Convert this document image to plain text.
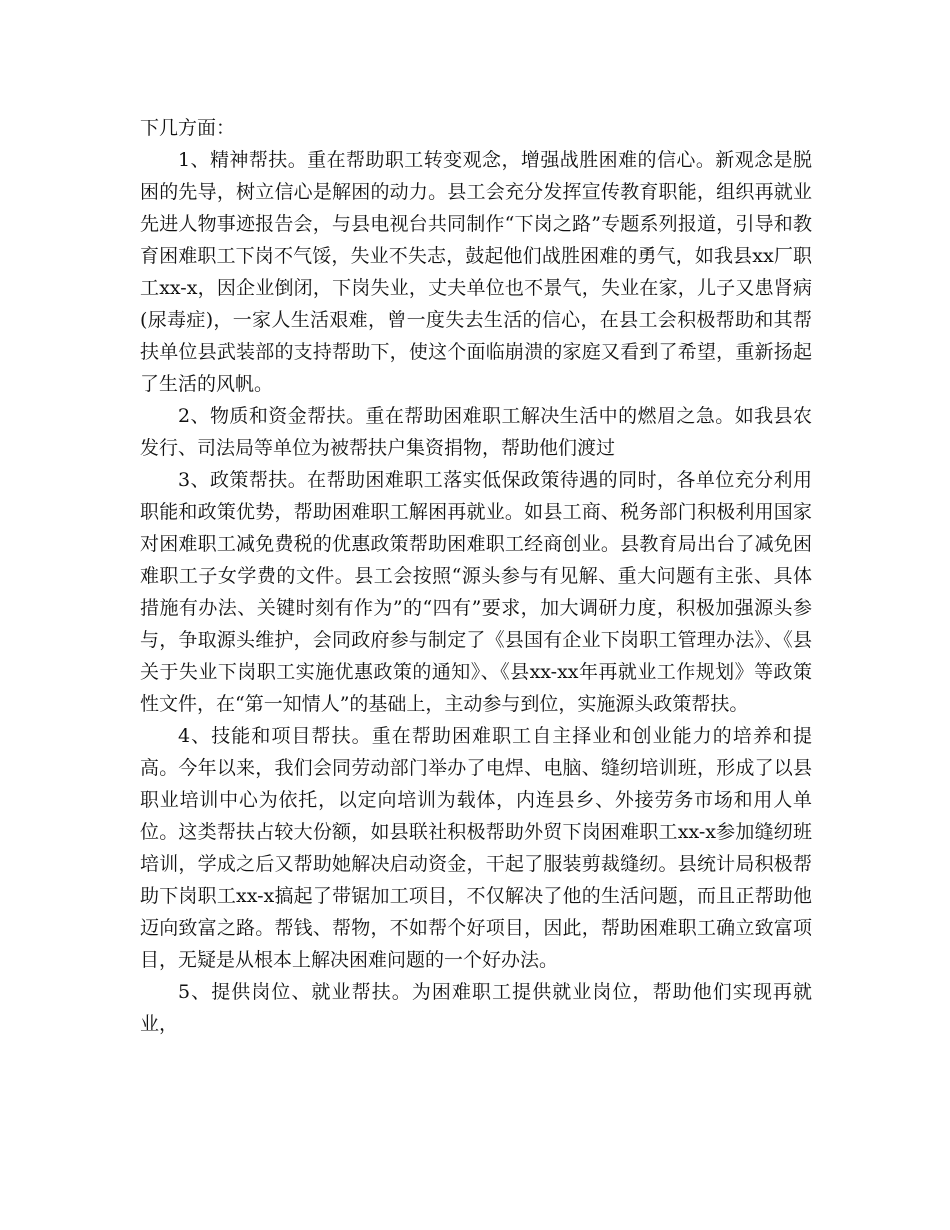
下几方面：

1、精神帮扶。重在帮助职工转变观念，增强战胜困难的信心。新观念是脱困的先导，树立信心是解困的动力。县工会充分发挥宣传教育职能，组织再就业先进人物事迹报告会，与县电视台共同制作“下岗之路”专题系列报道，引导和教育困难职工下岗不气馁，失业不失志，鼓起他们战胜困难的勇气，如我县xx厂职工xx-x，因企业倒闭，下岗失业，丈夫单位也不景气，失业在家，儿子又患肾病(尿毒症)，一家人生活艰难，曾一度失去生活的信心，在县工会积极帮助和其帮扶单位县武装部的支持帮助下，使这个面临崩溃的家庭又看到了希望，重新扬起了生活的风帆。

2、物质和资金帮扶。重在帮助困难职工解决生活中的燃眉之急。如我县农发行、司法局等单位为被帮扶户集资捐物，帮助他们渡过

3、政策帮扶。在帮助困难职工落实低保政策待遇的同时，各单位充分利用职能和政策优势，帮助困难职工解困再就业。如县工商、税务部门积极利用国家对困难职工减免费税的优惠政策帮助困难职工经商创业。县教育局出台了减免困难职工子女学费的文件。县工会按照“源头参与有见解、重大问题有主张、具体措施有办法、关键时刻有作为”的“四有”要求，加大调研力度，积极加强源头参与，争取源头维护，会同政府参与制定了《县国有企业下岗职工管理办法》、《县关于失业下岗职工实施优惠政策的通知》、《县xx-xx年再就业工作规划》等政策性文件，在“第一知情人”的基础上，主动参与到位，实施源头政策帮扶。

4、技能和项目帮扶。重在帮助困难职工自主择业和创业能力的培养和提高。今年以来，我们会同劳动部门举办了电焊、电脑、缝纫培训班，形成了以县职业培训中心为依托，以定向培训为载体，内连县乡、外接劳务市场和用人单位。这类帮扶占较大份额，如县联社积极帮助外贸下岗困难职工xx-x参加缝纫班培训，学成之后又帮助她解决启动资金，干起了服装剪裁缝纫。县统计局积极帮助下岗职工xx-x搞起了带锯加工项目，不仅解决了他的生活问题，而且正帮助他迈向致富之路。帮钱、帮物，不如帮个好项目，因此，帮助困难职工确立致富项目，无疑是从根本上解决困难问题的一个好办法。

5、提供岗位、就业帮扶。为困难职工提供就业岗位，帮助他们实现再就业，
